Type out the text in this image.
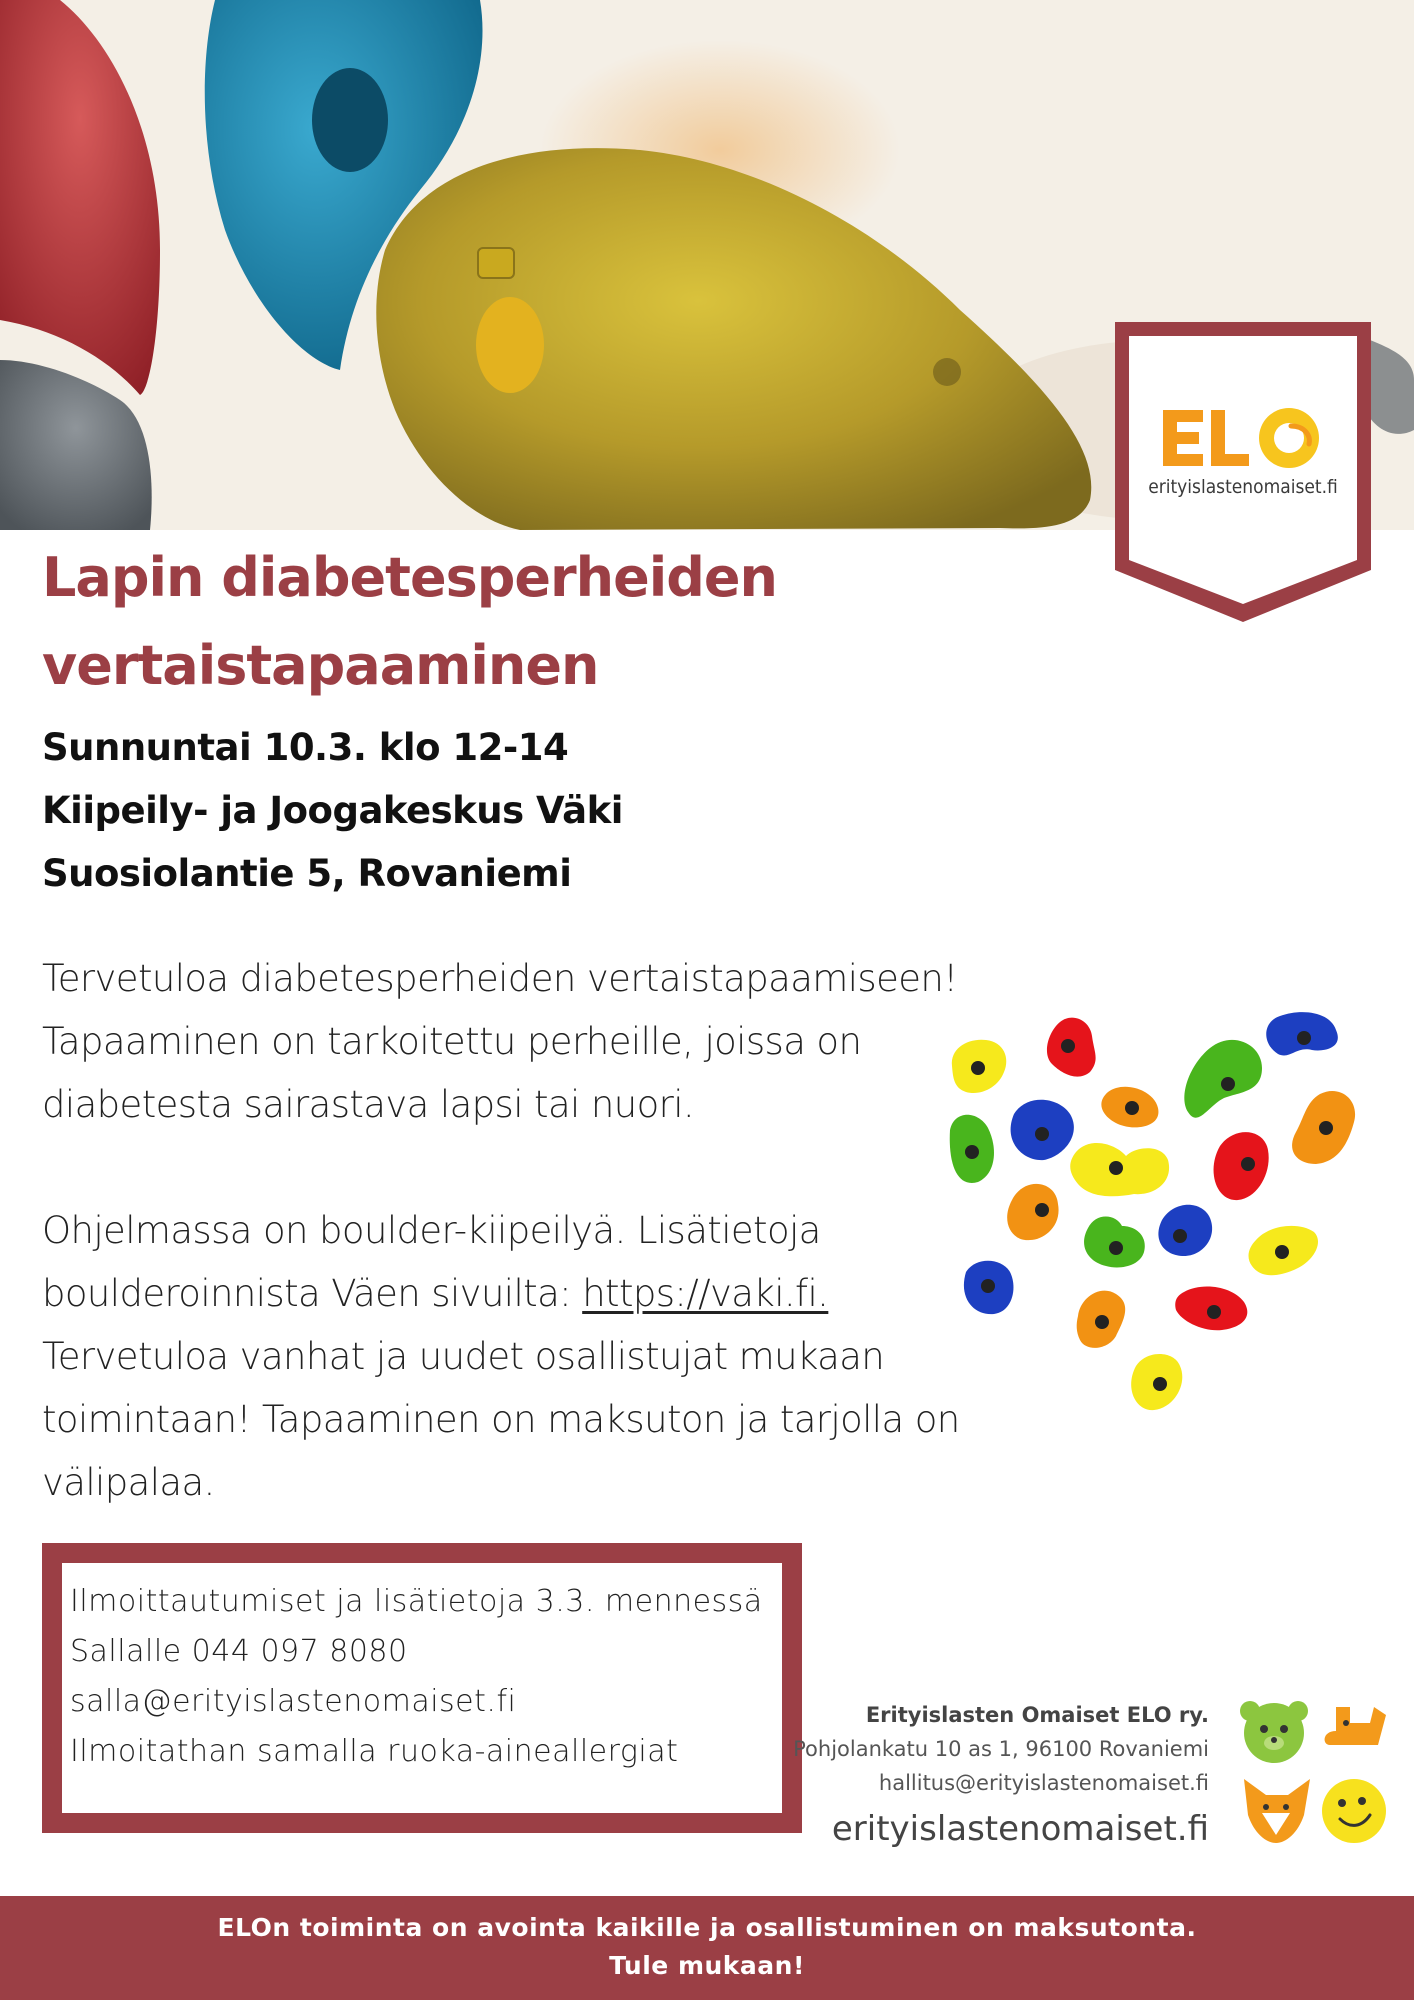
erityislastenomaiset.fi
Lapin diabetesperheiden
vertaistapaaminen
Sunnuntai 10.3. klo 12-14
Kiipeily- ja Joogakeskus Väki
Suosiolantie 5, Rovaniemi

Tervetuloa diabetesperheiden vertaistapaamiseen! Tapaaminen on tarkoitettu perheille, joissa on diabetesta sairastava lapsi tai nuori.

Ohjelmassa on boulder-kiipeilyä. Lisätietoja boulderoinnista Väen sivuilta: https://vaki.fi. Tervetuloa vanhat ja uudet osallistujat mukaan toimintaan! Tapaaminen on maksuton ja tarjolla on välipalaa.

Ilmoittautumiset ja lisätietoja 3.3. mennessä
Sallalle 044 097 8080
salla@erityislastenomaiset.fi
Ilmoitathan samalla ruoka-aineallergiat
Erityislasten Omaiset ELO ry.
Pohjolankatu 10 as 1, 96100 Rovaniemi
hallitus@erityislastenomaiset.fi
erityislastenomaiset.fi
ELOn toiminta on avointa kaikille ja osallistuminen on maksutonta.
Tule mukaan!
